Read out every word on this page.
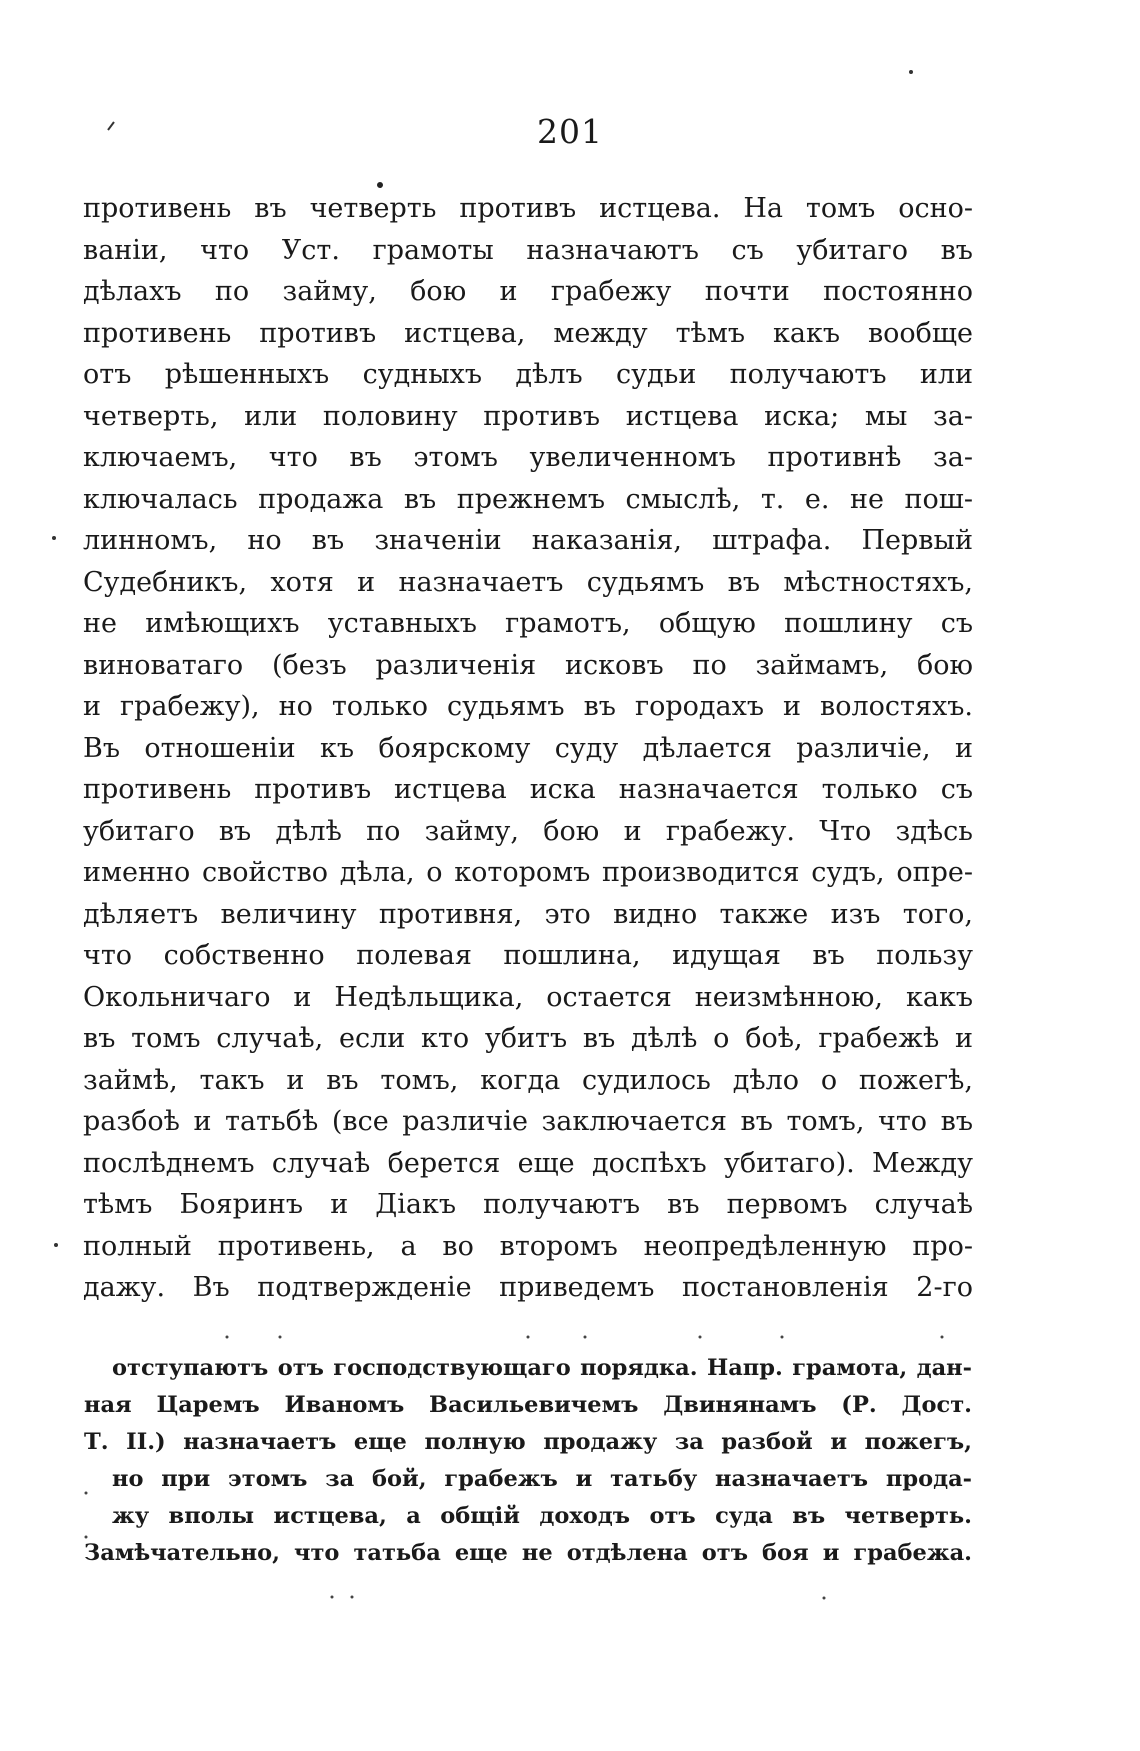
201
противень въ четверть противъ истцева. На томъ осно-
ваніи, что Уст. грамоты назначаютъ съ убитаго въ
дѣлахъ по займу, бою и грабежу почти постоянно
противень противъ истцева, между тѣмъ какъ вообще
отъ рѣшенныхъ судныхъ дѣлъ судьи получаютъ или
четверть, или половину противъ истцева иска; мы за-
ключаемъ, что въ этомъ увеличенномъ противнѣ за-
ключалась продажа въ прежнемъ смыслѣ, т. е. не пош-
линномъ, но въ значеніи наказанія, штрафа. Первый
Судебникъ, хотя и назначаетъ судьямъ въ мѣстностяхъ,
не имѣющихъ уставныхъ грамотъ, общую пошлину съ
виноватаго (безъ различенія исковъ по займамъ, бою
и грабежу), но только судьямъ въ городахъ и волостяхъ.
Въ отношеніи къ боярскому суду дѣлается различіе, и
противень противъ истцева иска назначается только съ
убитаго въ дѣлѣ по займу, бою и грабежу. Что здѣсь
именно свойство дѣла, о которомъ производится судъ, опре-
дѣляетъ величину противня, это видно также изъ того,
что собственно полевая пошлина, идущая въ пользу
Окольничаго и Недѣльщика, остается неизмѣнною, какъ
въ томъ случаѣ, если кто убитъ въ дѣлѣ о боѣ, грабежѣ и
займѣ, такъ и въ томъ, когда судилось дѣло о пожегѣ,
разбоѣ и татьбѣ (все различіе заключается въ томъ, что въ
послѣднемъ случаѣ берется еще доспѣхъ убитаго). Между
тѣмъ Бояринъ и Діакъ получаютъ въ первомъ случаѣ
полный противень, а во второмъ неопредѣленную про-
дажу. Въ подтвержденіе приведемъ постановленія 2-го
отступаютъ отъ господствующаго порядка. Напр. грамота, дан-
ная Царемъ Иваномъ Васильевичемъ Двинянамъ (Р. Дост.
Т. II.) назначаетъ еще полную продажу за разбой и пожегъ,
но при этомъ за бой, грабежъ и татьбу назначаетъ прода-
жу вполы истцева, а общій доходъ отъ суда въ четверть.
Замѣчательно, что татьба еще не отдѣлена отъ боя и грабежа.
